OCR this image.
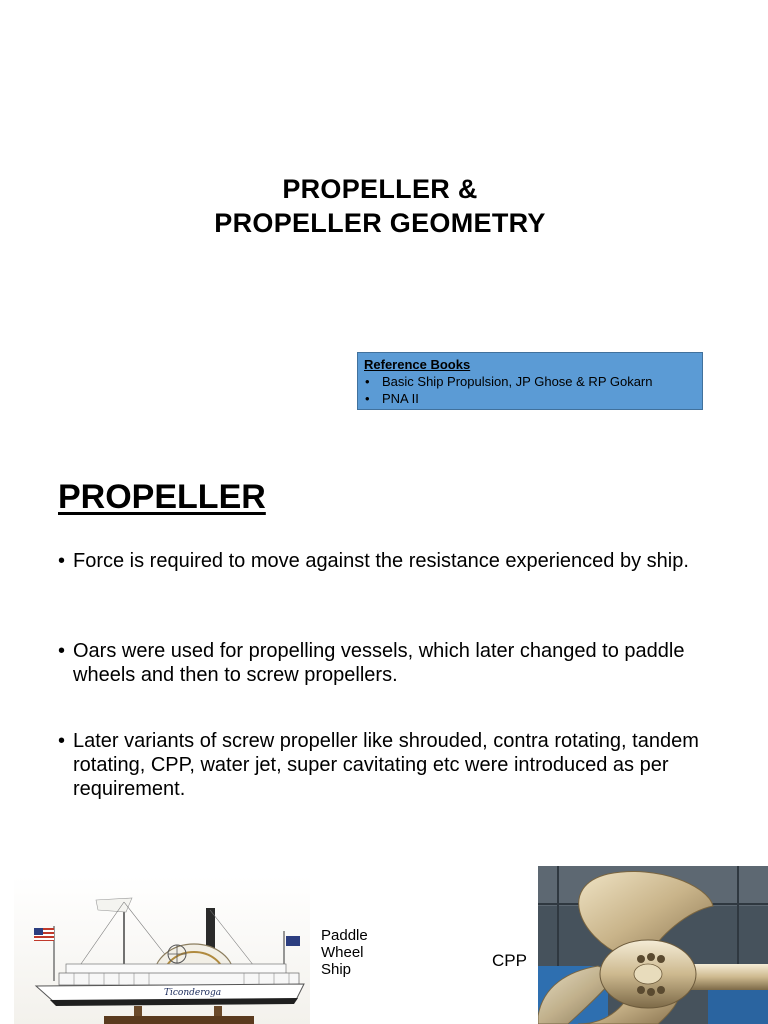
PROPELLER &
PROPELLER GEOMETRY
Reference Books
• Basic Ship Propulsion, JP Ghose & RP Gokarn
• PNA II
PROPELLER
• Force is required to move against the resistance experienced by ship.
• Oars were used for propelling vessels, which later changed to paddle wheels and then to screw propellers.
• Later variants of screw propeller like shrouded, contra rotating, tandem rotating, CPP, water jet, super cavitating etc were introduced as per requirement.
Ticonderoga
Paddle
Wheel
Ship	CPP
